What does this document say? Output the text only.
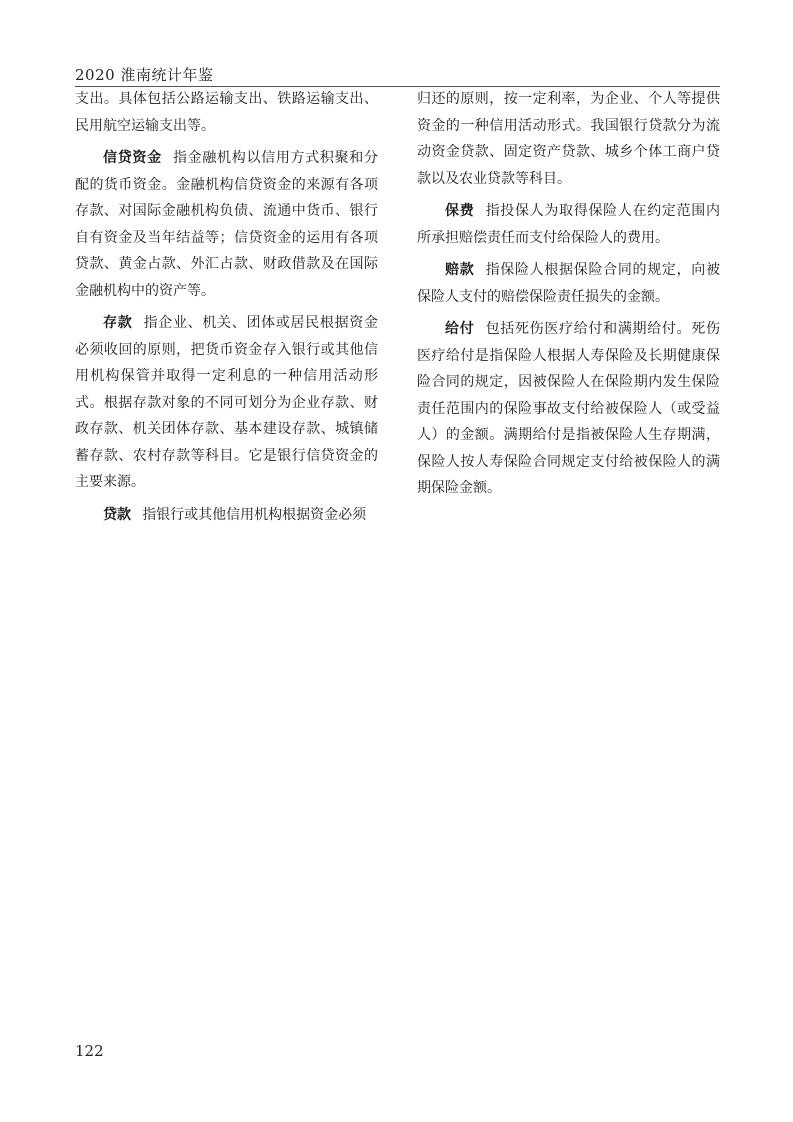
2020 淮南统计年鉴

支出。具体包括公路运输支出、铁路运输支出、民用航空运输支出等。

信贷资金 指金融机构以信用方式积聚和分配的货币资金。金融机构信贷资金的来源有各项存款、对国际金融机构负债、流通中货币、银行自有资金及当年结益等；信贷资金的运用有各项贷款、黄金占款、外汇占款、财政借款及在国际金融机构中的资产等。

存款 指企业、机关、团体或居民根据资金必须收回的原则，把货币资金存入银行或其他信用机构保管并取得一定利息的一种信用活动形式。根据存款对象的不同可划分为企业存款、财政存款、机关团体存款、基本建设存款、城镇储蓄存款、农村存款等科目。它是银行信贷资金的主要来源。

贷款 指银行或其他信用机构根据资金必须

归还的原则，按一定利率，为企业、个人等提供资金的一种信用活动形式。我国银行贷款分为流动资金贷款、固定资产贷款、城乡个体工商户贷款以及农业贷款等科目。

保费 指投保人为取得保险人在约定范围内所承担赔偿责任而支付给保险人的费用。

赔款 指保险人根据保险合同的规定，向被保险人支付的赔偿保险责任损失的金额。

给付 包括死伤医疗给付和满期给付。死伤医疗给付是指保险人根据人寿保险及长期健康保险合同的规定，因被保险人在保险期内发生保险责任范围内的保险事故支付给被保险人（或受益人）的金额。满期给付是指被保险人生存期满，保险人按人寿保险合同规定支付给被保险人的满期保险金额。

122
